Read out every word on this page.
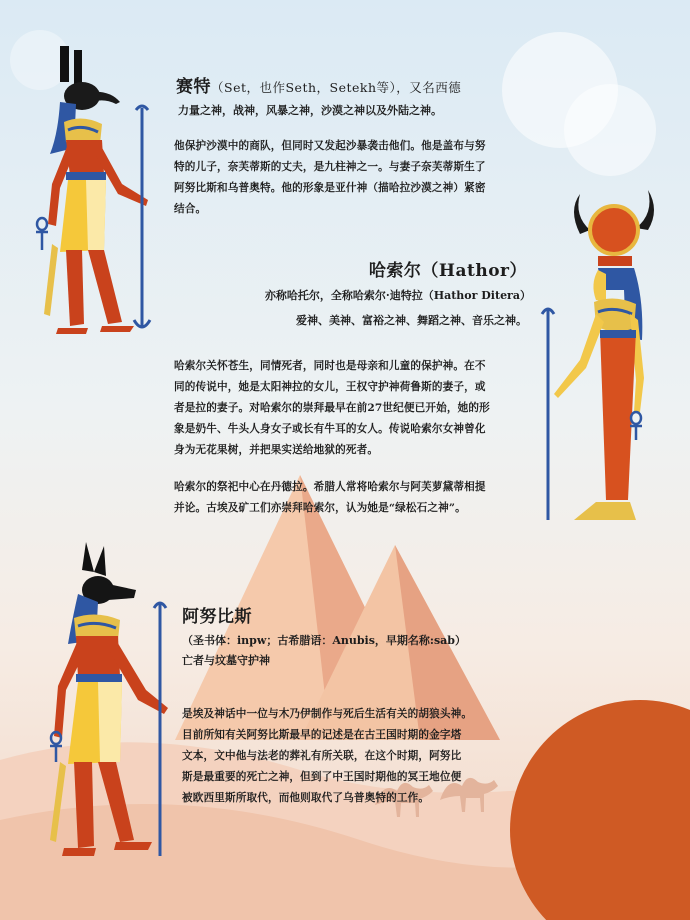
赛特（Set，也作Seth，Setekh等），又名西德
力量之神，战神，风暴之神，沙漠之神以及外陆之神。
他保护沙漠中的商队，但同时又发起沙暴袭击他们。他是盖布与努
特的儿子，奈芙蒂斯的丈夫，是九柱神之一。与妻子奈芙蒂斯生了
阿努比斯和乌普奥特。他的形象是亚什神（描哈拉沙漠之神）紧密
结合。
哈索尔（Hathor）
亦称哈托尔，全称哈索尔·迪特拉（Hathor Ditera）
爱神、美神、富裕之神、舞蹈之神、音乐之神。
哈索尔关怀苍生，同情死者，同时也是母亲和儿童的保护神。在不
同的传说中，她是太阳神拉的女儿，王权守护神荷鲁斯的妻子，或
者是拉的妻子。对哈索尔的崇拜最早在前27世纪便已开始，她的形
象是奶牛、牛头人身女子或长有牛耳的女人。传说哈索尔女神曾化
身为无花果树，并把果实送给地狱的死者。
哈索尔的祭祀中心在丹德拉。希腊人常将哈索尔与阿芙萝黛蒂相提
并论。古埃及矿工们亦崇拜哈索尔，认为她是“绿松石之神”。
阿努比斯
（圣书体：inpw；古希腊语：Anubis，早期名称:sab）
亡者与坟墓守护神
是埃及神话中一位与木乃伊制作与死后生活有关的胡狼头神。
目前所知有关阿努比斯最早的记述是在古王国时期的金字塔
文本，文中他与法老的葬礼有所关联，在这个时期，阿努比
斯是最重要的死亡之神，但到了中王国时期他的冥王地位便
被欧西里斯所取代，而他则取代了乌普奥特的工作。
